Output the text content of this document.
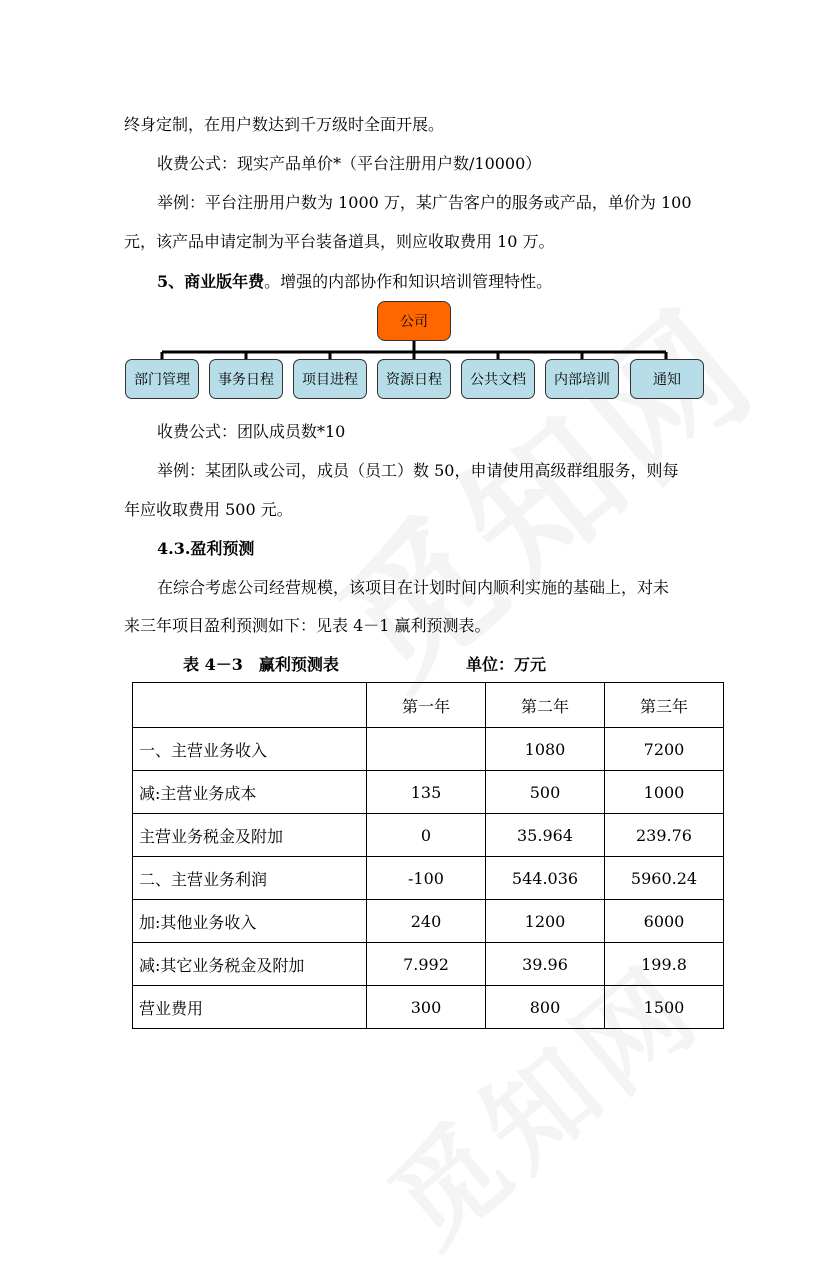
终身定制，在用户数达到千万级时全面开展。

收费公式：现实产品单价*（平台注册用户数/10000）

举例：平台注册用户数为 1000 万，某广告客户的服务或产品，单价为 100

元，该产品申请定制为平台装备道具，则应收取费用 10 万。

5、商业版年费。增强的内部协作和知识培训管理特性。

公司
部门管理	事务日程	项目进程	资源日程	公共文档	内部培训	通知

收费公式：团队成员数*10

举例：某团队或公司，成员（员工）数 50，申请使用高级群组服务，则每

年应收取费用 500 元。

4.3.盈利预测

在综合考虑公司经营规模，该项目在计划时间内顺利实施的基础上，对未

来三年项目盈利预测如下：见表 4－1 赢利预测表。

表 4－3　赢利预测表	单位：万元
	第一年	第二年	第三年
一、主营业务收入		1080	7200
减:主营业务成本	135	500	1000
主营业务税金及附加	0	35.964	239.76
二、主营业务利润	-100	544.036	5960.24
加:其他业务收入	240	1200	6000
减:其它业务税金及附加	7.992	39.96	199.8
营业费用	300	800	1500
